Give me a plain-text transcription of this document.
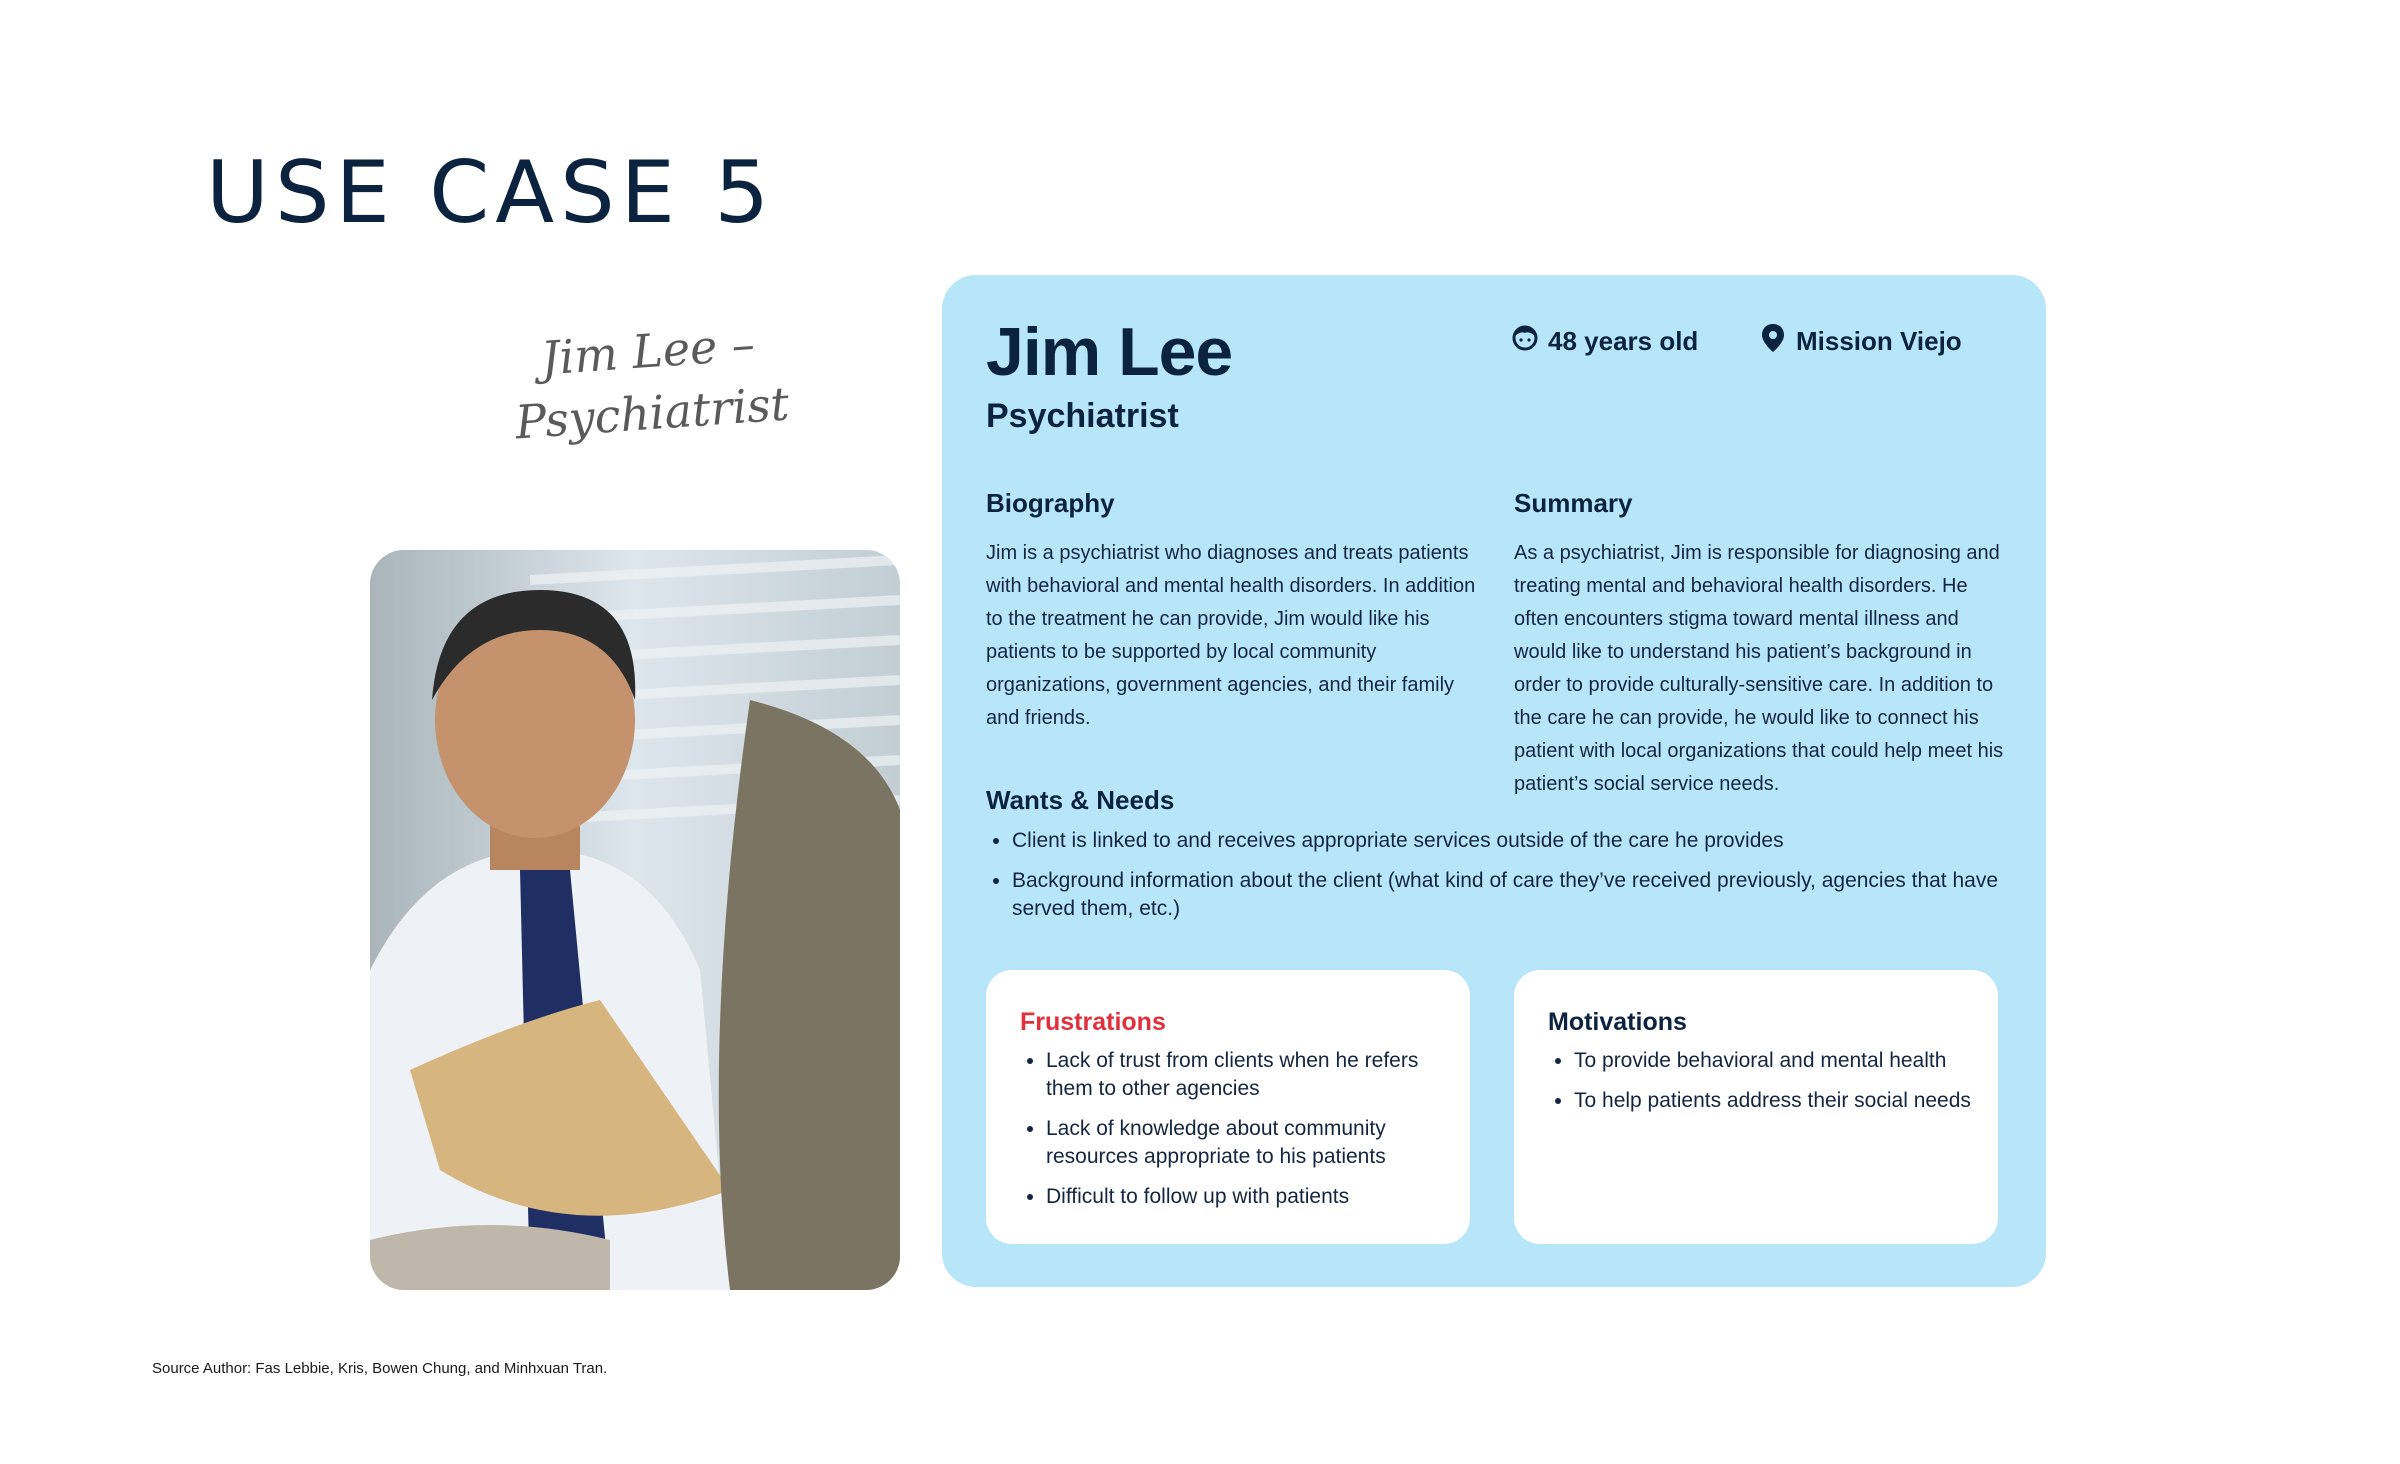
USE CASE 5
Jim Lee –
Psychiatrist
Jim Lee
Psychiatrist
48 years old	Mission Viejo
Biography

Jim is a psychiatrist who diagnoses and treats patients with behavioral and mental health disorders. In addition to the treatment he can provide, Jim would like his patients to be supported by local community organizations, government agencies, and their family and friends.

Summary

As a psychiatrist, Jim is responsible for diagnosing and treating mental and behavioral health disorders. He often encounters stigma toward mental illness and would like to understand his patient’s background in order to provide culturally-sensitive care. In addition to the care he can provide, he would like to connect his patient with local organizations that could help meet his patient’s social service needs.

Wants & Needs
• Client is linked to and receives appropriate services outside of the care he provides
• Background information about the client (what kind of care they’ve received previously, agencies that have served them, etc.)
Frustrations
• Lack of trust from clients when he refers them to other agencies
• Lack of knowledge about community resources appropriate to his patients
• Difficult to follow up with patients
Motivations
• To provide behavioral and mental health
• To help patients address their social needs
Source Author: Fas Lebbie, Kris, Bowen Chung, and Minhxuan Tran.
